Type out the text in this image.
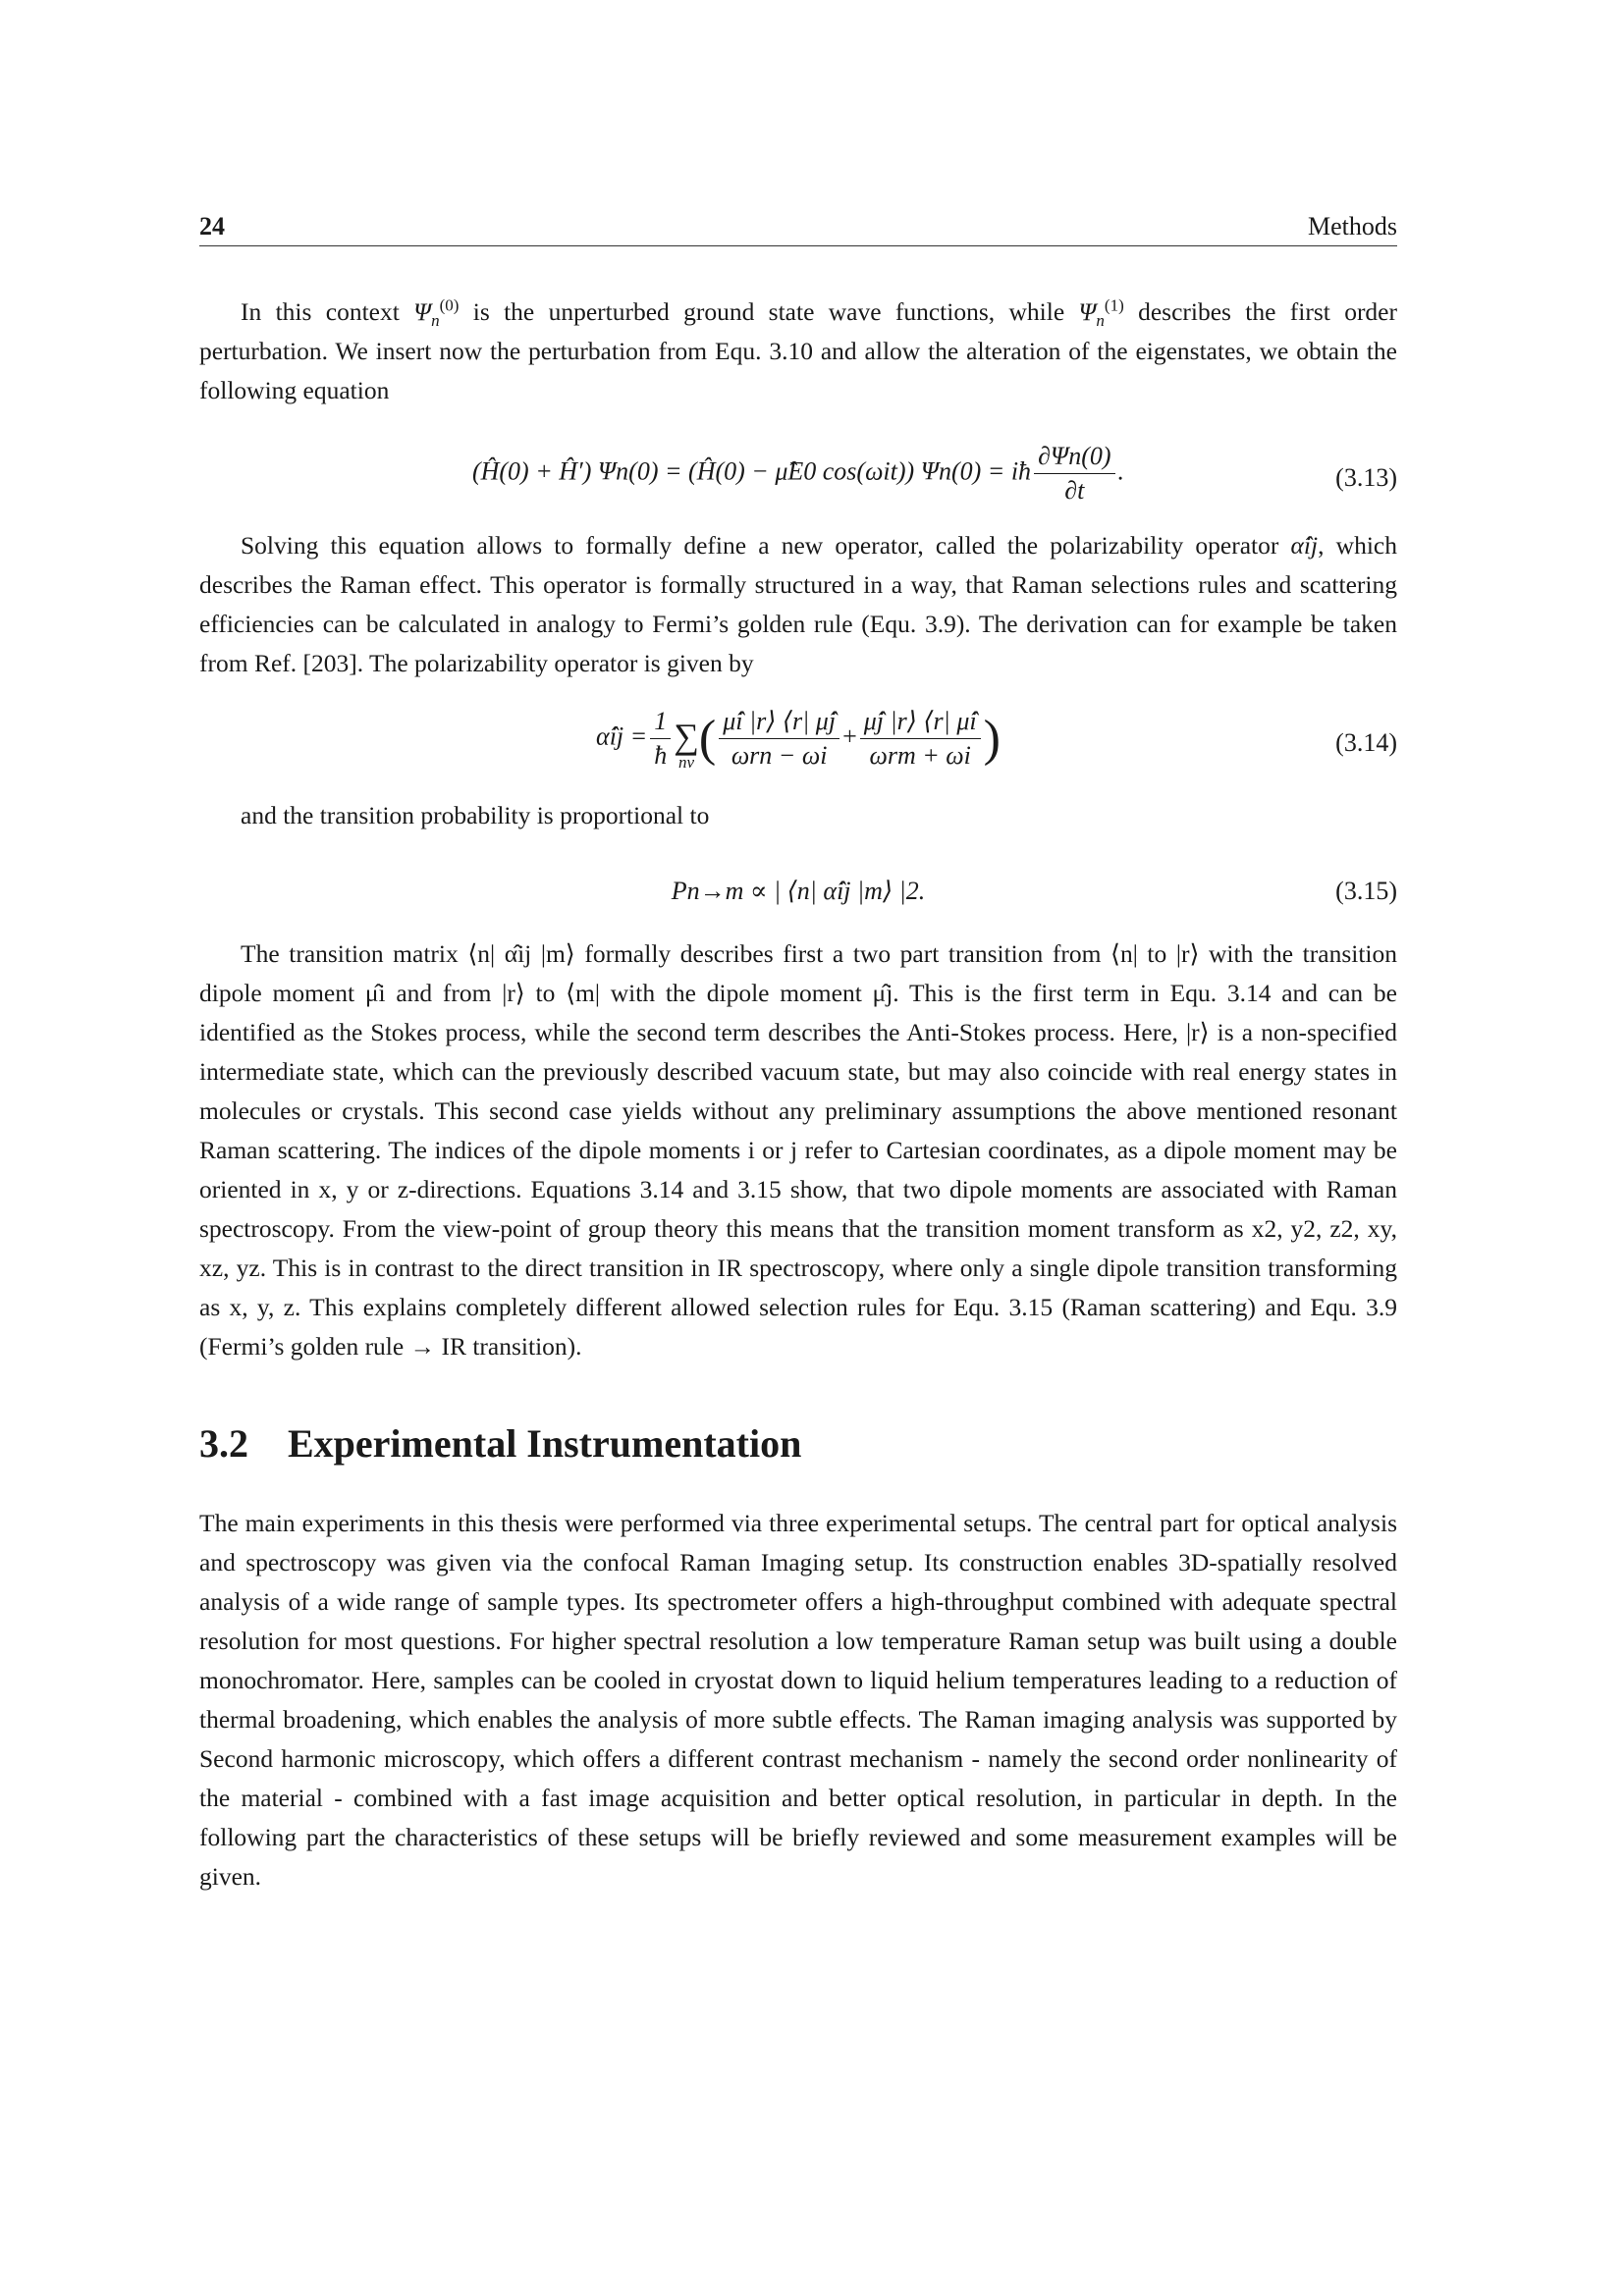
24	Methods

In this context $\Psi_n^{(0)}$ is the unperturbed ground state wave functions, while $\Psi_n^{(1)}$ describes the first order perturbation. We insert now the perturbation from Equ. 3.10 and allow the alteration of the eigenstates, we obtain the following equation

(Ĥ(0) + Ĥ′) Ψn(0) = (Ĥ(0) − μ̂E0 cos(ωit)) Ψn(0) = iħ $\frac{\partial\Psi n(0)}{\partial t}$ .	(3.13)

Solving this equation allows to formally define a new operator, called the polarizability operator α̂ij, which describes the Raman effect. This operator is formally structured in a way, that Raman selections rules and scattering efficiencies can be calculated in analogy to Fermi’s golden rule (Equ. 3.9). The derivation can for example be taken from Ref. [203]. The polarizability operator is given by

α̂ij = $\frac{1}{ħ}$ ∑
nv ( $\frac{\mûi |r⟩ ⟨r| \mûj}{\text{ωrn − ωi}} + \frac{\mûj |r⟩ ⟨r| \mûi}{\text{ωrm + ωi}}$ )	(3.14)

and the transition probability is proportional to

Pn→m ∝ | ⟨n| α̂ij |m⟩ |2.	(3.15)

The transition matrix ⟨n| α̂ij |m⟩ formally describes first a two part transition from ⟨n| to |r⟩ with the transition dipole moment μ̂i and from |r⟩ to ⟨m| with the dipole moment μ̂j. This is the first term in Equ. 3.14 and can be identified as the Stokes process, while the second term describes the Anti-Stokes process. Here, |r⟩ is a non-specified intermediate state, which can the previously described vacuum state, but may also coincide with real energy states in molecules or crystals. This second case yields without any preliminary assumptions the above mentioned resonant Raman scattering. The indices of the dipole moments i or j refer to Cartesian coordinates, as a dipole moment may be oriented in x, y or z-directions. Equations 3.14 and 3.15 show, that two dipole moments are associated with Raman spectroscopy. From the view-point of group theory this means that the transition moment transform as x2, y2, z2, xy, xz, yz. This is in contrast to the direct transition in IR spectroscopy, where only a single dipole transition transforming as x, y, z. This explains completely different allowed selection rules for Equ. 3.15 (Raman scattering) and Equ. 3.9 (Fermi’s golden rule → IR transition).

3.2 Experimental Instrumentation

The main experiments in this thesis were performed via three experimental setups. The central part for optical analysis and spectroscopy was given via the confocal Raman Imaging setup. Its construction enables 3D-spatially resolved analysis of a wide range of sample types. Its spectrometer offers a high-throughput combined with adequate spectral resolution for most questions. For higher spectral resolution a low temperature Raman setup was built using a double monochromator. Here, samples can be cooled in cryostat down to liquid helium temperatures leading to a reduction of thermal broadening, which enables the analysis of more subtle effects. The Raman imaging analysis was supported by Second harmonic microscopy, which offers a different contrast mechanism - namely the second order nonlinearity of the material - combined with a fast image acquisition and better optical resolution, in particular in depth. In the following part the characteristics of these setups will be briefly reviewed and some measurement examples will be given.
